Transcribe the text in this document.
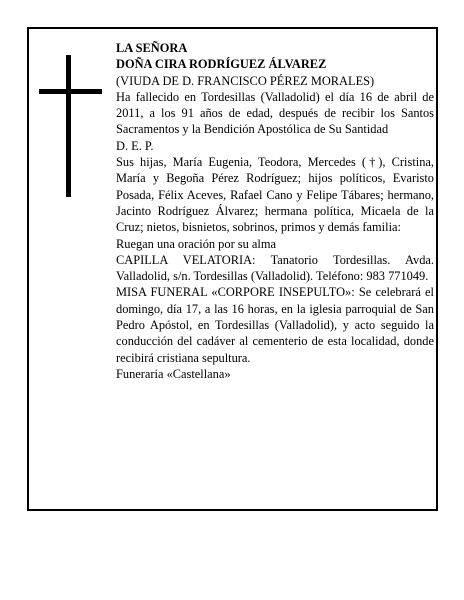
LA SEÑORA

DOÑA CIRA RODRÍGUEZ ÁLVAREZ

(VIUDA DE D. FRANCISCO PÉREZ MORALES)

Ha fallecido en Tordesillas (Valladolid) el día 16 de abril de 2011, a los 91 años de edad, después de recibir los Santos Sacramentos y la Bendición Apostólica de Su Santidad

D. E. P.

Sus hijas, María Eugenia, Teodora, Mercedes (†), Cristina, María y Begoña Pérez Rodríguez; hijos políticos, Evaristo Posada, Félix Aceves, Rafael Cano y Felipe Tábares; hermano, Jacinto Rodríguez Álvarez; hermana política, Micaela de la Cruz; nietos, bisnietos, sobrinos, primos y demás familia:

Ruegan una oración por su alma

CAPILLA VELATORIA: Tanatorio Tordesillas. Avda. Valladolid, s/n. Tordesillas (Valladolid). Teléfono: 983 771049.

MISA FUNERAL «CORPORE INSEPULTO»: Se celebrará el domingo, día 17, a las 16 horas, en la iglesia parroquial de San Pedro Apóstol, en Tordesillas (Valladolid), y acto seguido la conducción del cadáver al cementerio de esta localidad, donde recibirá cristiana sepultura.

Funeraria «Castellana»
